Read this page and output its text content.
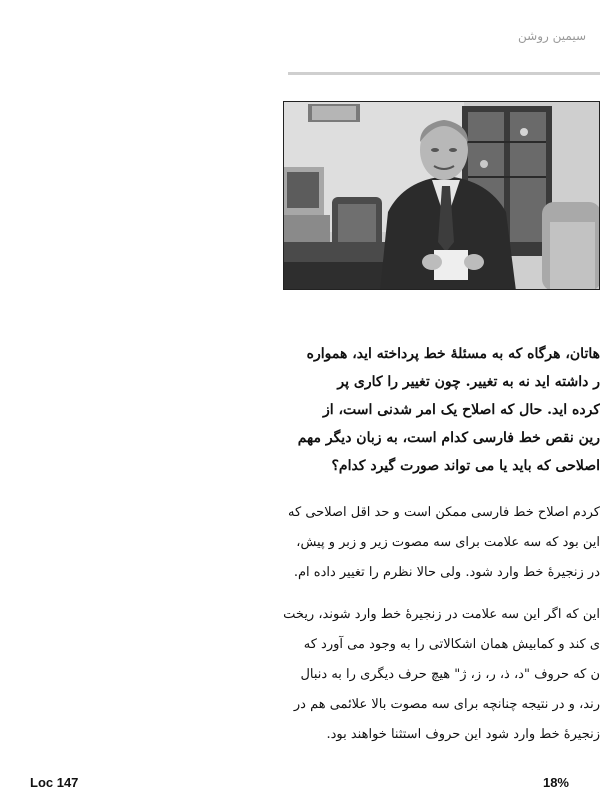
سیمین روشن
هاتان، هرگاه که به مسئلۀ خط پرداخته اید، همواره
ر داشته اید نه به تغییر. چون تغییر را کاری پر
کرده اید. حال که اصلاح یک امر شدنی است، از
رین نقص خط فارسی کدام است، به زبان دیگر مهم
اصلاحی که باید یا می تواند صورت گیرد کدام؟

کردم اصلاح خط فارسی ممکن است و حد اقل اصلاحی که

این بود که سه علامت برای سه مصوت زیر و زبر و پیش،

در زنجیرۀ خط وارد شود. ولی حالا نظرم را تغییر داده ام.

این که اگر این سه علامت در زنجیرۀ خط وارد شوند، ریخت

ی کند و کمابیش همان اشکالاتی را به وجود می آورد که

ن که حروف "د، ذ، ر، ز، ژ" هیچ حرف دیگری را به دنبال

رند، و در نتیجه چنانچه برای سه مصوت بالا علائمی هم در

زنجیرۀ خط وارد شود این حروف استثنا خواهند بود.

Loc 147	18%
